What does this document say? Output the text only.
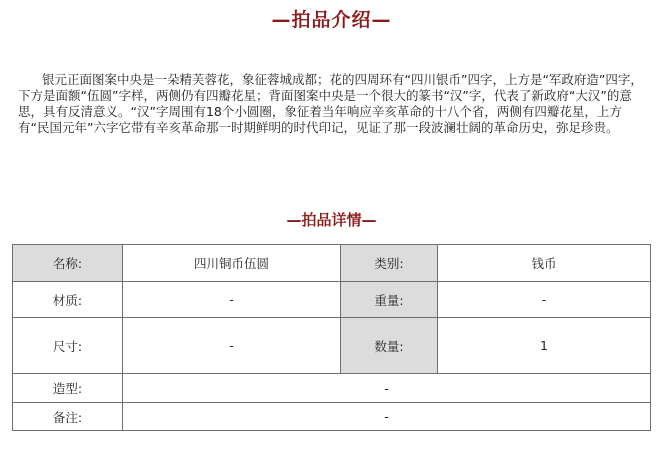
—拍品介绍—

银元正面图案中央是一朵精芙蓉花，象征蓉城成都；花的四周环有“四川银币”四字，上方是“军政府造”四字，下方是面额“伍圆”字样，两侧仍有四瓣花星；背面图案中央是一个很大的篆书“汉”字，代表了新政府“大汉”的意思，具有反清意义。“汉”字周围有18个小圆圈，象征着当年响应辛亥革命的十八个省，两侧有四瓣花星，上方有“民国元年”六字它带有辛亥革命那一时期鲜明的时代印记，见证了那一段波澜壮阔的革命历史，弥足珍贵。

—拍品详情—
名称:	四川铜币伍圆	类别:	钱币
材质:	-	重量:	-
尺寸:	-	数量:	1
造型:	-		
备注:	-		
